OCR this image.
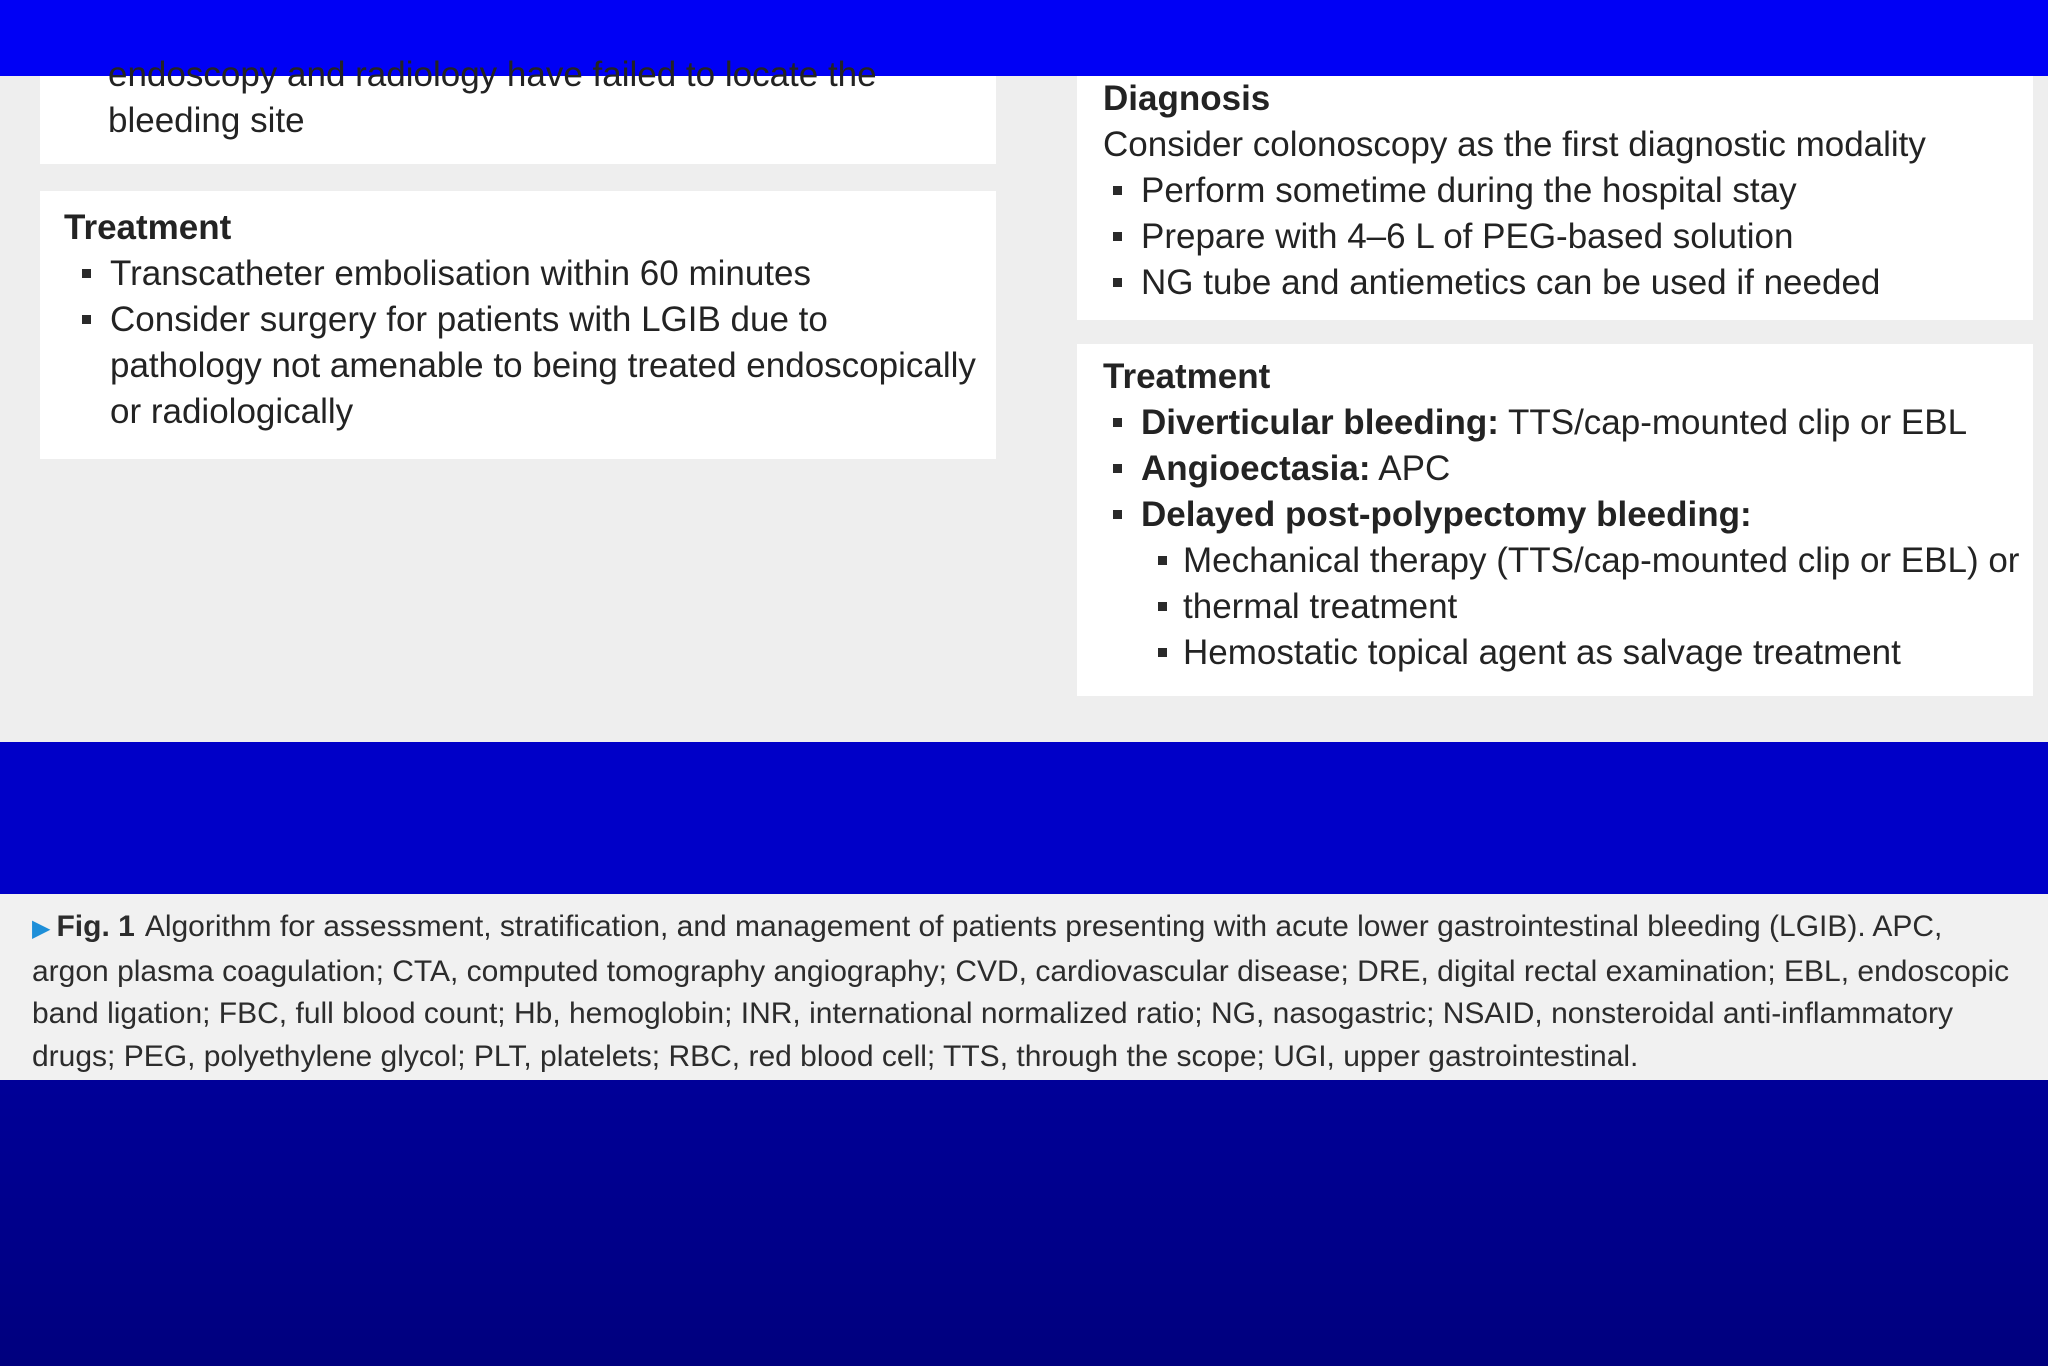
endoscopy and radiology have failed to locate the

bleeding site

Treatment

Transcatheter embolisation within 60 minutes
Consider surgery for patients with LGIB due to pathology not amenable to being treated endoscopically or radiologically

Diagnosis

Consider colonoscopy as the first diagnostic modality

Perform sometime during the hospital stay
Prepare with 4–6 L of PEG-based solution
NG tube and antiemetics can be used if needed

Treatment

Diverticular bleeding: TTS/cap-mounted clip or EBL
Angioectasia: APC
Delayed post-polypectomy bleeding:
Mechanical therapy (TTS/cap-mounted clip or EBL) or
thermal treatment
Hemostatic topical agent as salvage treatment
▶ Fig. 1 Algorithm for assessment, stratification, and management of patients presenting with acute lower gastrointestinal bleeding (LGIB). APC, argon plasma coagulation; CTA, computed tomography angiography; CVD, cardiovascular disease; DRE, digital rectal examination; EBL, endoscopic band ligation; FBC, full blood count; Hb, hemoglobin; INR, international normalized ratio; NG, nasogastric; NSAID, nonsteroidal anti-inflammatory drugs; PEG, polyethylene glycol; PLT, platelets; RBC, red blood cell; TTS, through the scope; UGI, upper gastrointestinal.
